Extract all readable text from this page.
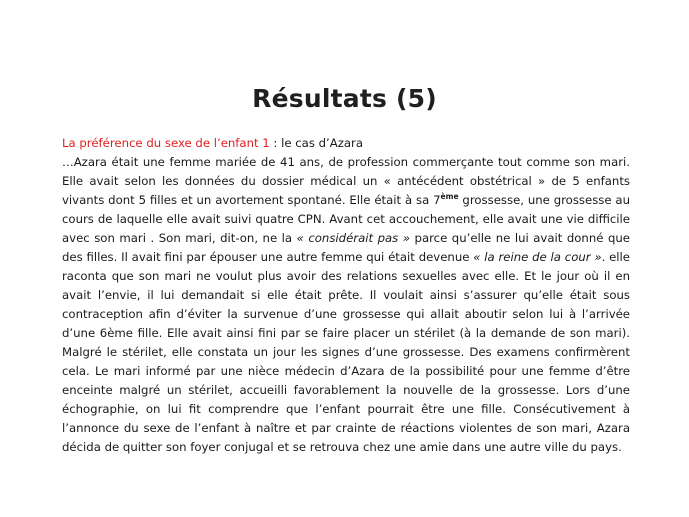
Résultats (5)
La préférence du sexe de l’enfant 1 : le cas d’Azara

…Azara était une femme mariée de 41 ans, de profession commerçante tout comme son mari. Elle avait selon les données du dossier médical un « antécédent obstétrical » de 5 enfants vivants dont 5 filles et un avortement spontané. Elle était à sa 7ème grossesse, une grossesse au cours de laquelle elle avait suivi quatre CPN. Avant cet accouchement, elle avait une vie difficile avec son mari . Son mari, dit-on, ne la « considérait pas » parce qu’elle ne lui avait donné que des filles. Il avait fini par épouser une autre femme qui était devenue « la reine de la cour ». elle raconta que son mari ne voulut plus avoir des relations sexuelles avec elle. Et le jour où il en avait l’envie, il lui demandait si elle était prête. Il voulait ainsi s’assurer qu’elle était sous contraception afin d’éviter la survenue d’une grossesse qui allait aboutir selon lui à l’arrivée d’une 6ème fille. Elle avait ainsi fini par se faire placer un stérilet (à la demande de son mari). Malgré le stérilet, elle constata un jour les signes d’une grossesse. Des examens confirmèrent cela. Le mari informé par une nièce médecin d’Azara de la possibilité pour une femme d’être enceinte malgré un stérilet, accueilli favorablement la nouvelle de la grossesse. Lors d’une échographie, on lui fit comprendre que l’enfant pourrait être une fille. Consécutivement à l’annonce du sexe de l’enfant à naître et par crainte de réactions violentes de son mari, Azara décida de quitter son foyer conjugal et se retrouva chez une amie dans une autre ville du pays.
